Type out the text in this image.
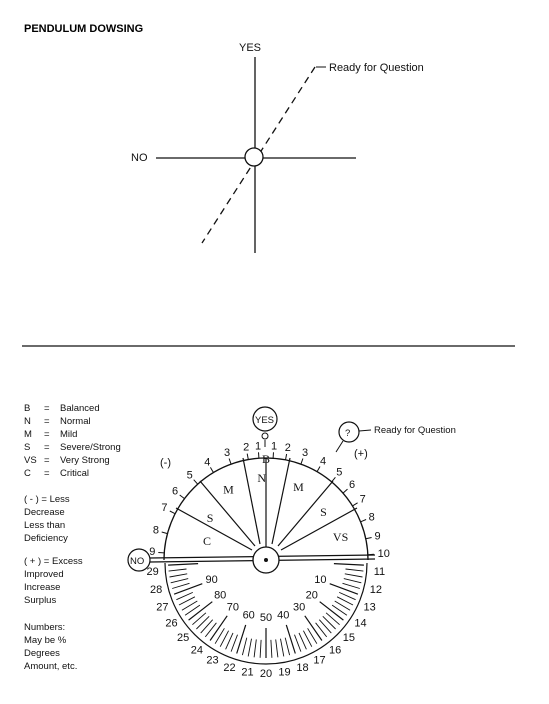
PENDULUM DOWSING
YES
NO
Ready for Question
B = Balanced
N = Normal
M = Mild
S = Severe/Strong
VS = Very Strong
C = Critical
( - ) = Less
Decrease
Less than
Deficiency
( + ) = Excess
Improved
Increase
Surplus
Numbers:
May be %
Degrees
Amount, etc.
YES
NO
? Ready for Question
(-)
(+)
9
8
7
6
5
4
3 2 1 1 2 3
4
5
6
7
8
9
10
C
S
M
B
N
M
S
VS
11
12
13
14
15
16
17
18
19
20
21
22
23
24
25
26
27
28
29
10
20
30
40
50
60
70
80
90
